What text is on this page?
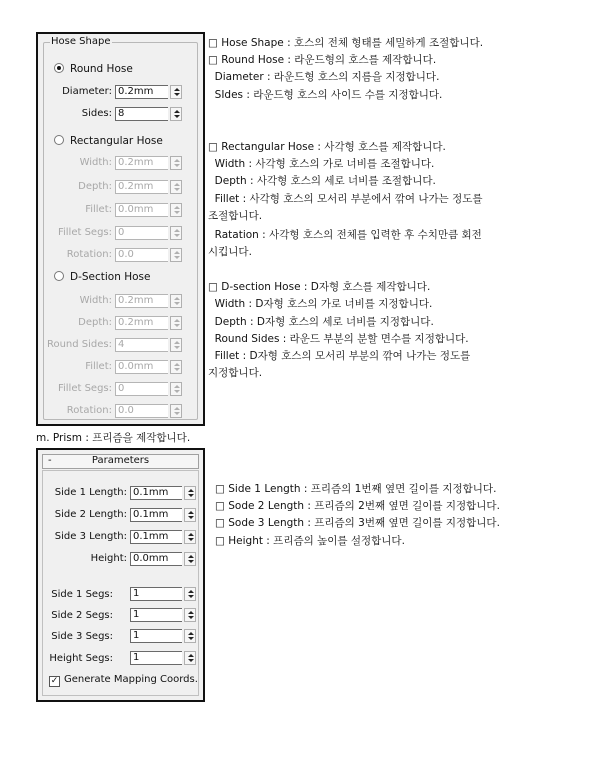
Hose Shape
Round Hose
Diameter: 0.2mm
Sides: 8
Rectangular Hose
Width: 0.2mm
Depth: 0.2mm
Fillet: 0.0mm
Fillet Segs: 0
Rotation: 0.0
D-Section Hose
Width: 0.2mm
Depth: 0.2mm
Round Sides: 4
Fillet: 0.0mm
Fillet Segs: 0
Rotation: 0.0
□ Hose Shape : 호스의 전체 형태를 세밀하게 조절합니다.
□ Round Hose : 라운드형의 호스를 제작합니다.
Diameter : 라운드형 호스의 지름을 지정합니다.
SIdes : 라운드형 호스의 사이드 수를 지정합니다.
□ Rectangular Hose : 사각형 호스를 제작합니다.
Width : 사각형 호스의 가로 너비를 조절합니다.
Depth : 사각형 호스의 세로 너비를 조절합니다.
Fillet : 사각형 호스의 모서리 부분에서 깎여 나가는 정도를
조절합니다.
Ratation : 사각형 호스의 전체를 입력한 후 수치만큼 회전
시킵니다.
□ D-section Hose : D자형 호스를 제작합니다.
Width : D자형 호스의 가로 너비를 지정합니다.
Depth : D자형 호스의 세로 너비를 지정합니다.
Round Sides : 라운드 부분의 분할 면수를 지정합니다.
Fillet : D자형 호스의 모서리 부분의 깎여 나가는 정도를
지정합니다.
m. Prism : 프리즘을 제작합니다.
-	Parameters
Side 1 Length: 0.1mm
Side 2 Length: 0.1mm
Side 3 Length: 0.1mm
Height: 0.0mm
Side 1 Segs:	1
Side 2 Segs:	1
Side 3 Segs:	1
Height Segs:	1
✓ Generate Mapping Coords.
□ Side 1 Length : 프리즘의 1번째 옆면 길이를 지정합니다.
□ Sode 2 Length : 프리즘의 2번째 옆면 길이를 지정합니다.
□ Sode 3 Length : 프리즘의 3번째 옆면 길이를 지정합니다.
□ Height : 프리즘의 높이를 설정합니다.
